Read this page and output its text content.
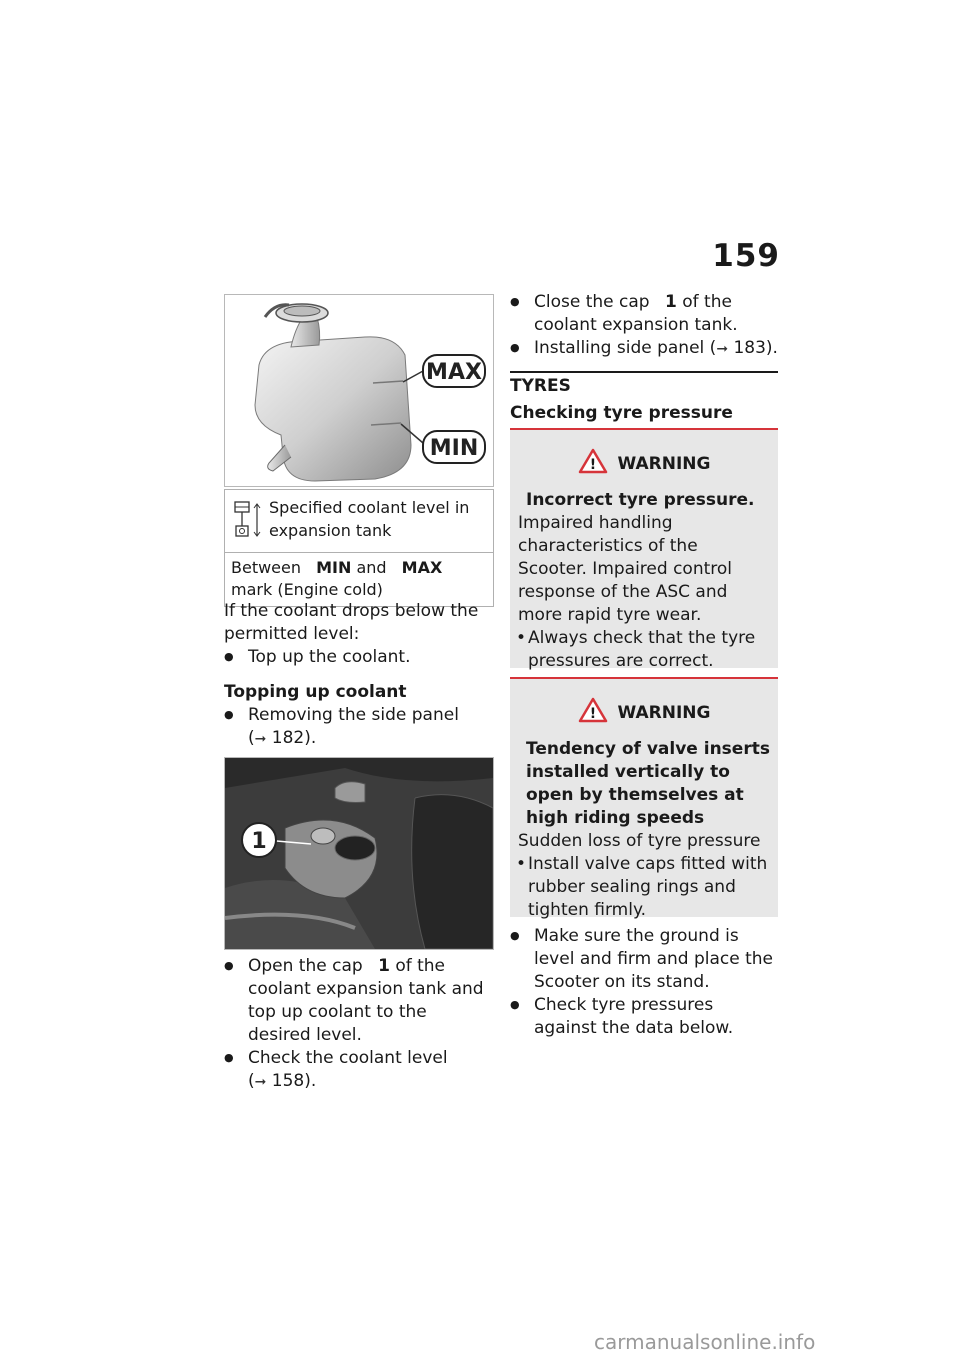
159
MAX
MIN
Specified coolant level in expansion tank
Between MIN and MAX
mark (Engine cold)

If the coolant drops below the permitted level:

● Top up the coolant.

Topping up coolant

● Removing the side panel
(➞ 182).
1
● Open the cap 1 of the coolant expansion tank and top up coolant to the desired level.
● Check the coolant level
(➞ 158).
● Close the cap 1 of the coolant expansion tank.
● Installing side panel (➞ 183).
TYRES
Checking tyre pressure
! WARNING

Incorrect tyre pressure.

Impaired handling characteristics of the Scooter. Impaired control response of the ASC and more rapid tyre wear.

• Always check that the tyre pressures are correct.

! WARNING

Tendency of valve inserts installed vertically to open by themselves at high riding speeds

Sudden loss of tyre pressure

• Install valve caps fitted with rubber sealing rings and tighten firmly.

● Make sure the ground is level and firm and place the Scooter on its stand.

● Check tyre pressures against the data below.

carmanualsonline.info
